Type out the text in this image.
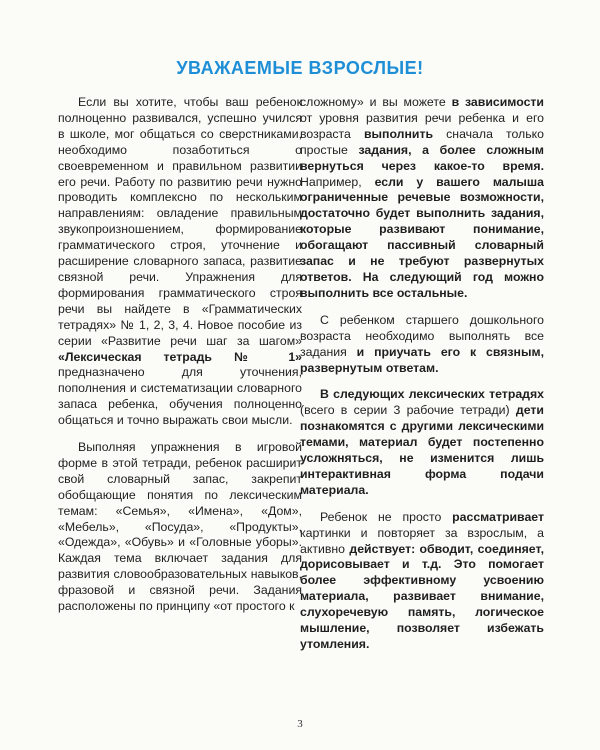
УВАЖАЕМЫЕ ВЗРОСЛЫЕ!

Если вы хотите, чтобы ваш ребенок полноценно развивался, успешно учился в школе, мог общаться со сверстниками, необходимо позаботиться о своевременном и правильном развитии его речи. Работу по развитию речи нужно проводить комплексно по нескольким направлениям: овладение правильным звукопроизношением, формирование грамматического строя, уточнение и расширение словарного запаса, развитие связной речи. Упражнения для формирования грамматического строя речи вы найдете в «Грамматических тетрадях» № 1, 2, 3, 4. Новое пособие из серии «Развитие речи шаг за шагом» «Лексическая тетрадь № 1» предназначено для уточнения, пополнения и систематизации словарного запаса ребенка, обучения полноценно общаться и точно выражать свои мысли.

Выполняя упражнения в игровой форме в этой тетради, ребенок расширит свой словарный запас, закрепит обобщающие понятия по лексическим темам: «Семья», «Имена», «Дом», «Мебель», «Посуда», «Продукты», «Одежда», «Обувь» и «Головные уборы». Каждая тема включает задания для развития словообразовательных навыков, фразовой и связной речи. Задания расположены по принципу «от простого к

сложному» и вы можете в зависимости от уровня развития речи ребенка и его возраста выполнить сначала только простые задания, а более сложным вернуться через какое-то время. Например, если у вашего малыша ограниченные речевые возможности, достаточно будет выполнить задания, которые развивают понимание, обогащают пассивный словарный запас и не требуют развернутых ответов. На следующий год можно выполнить все остальные.

С ребенком старшего дошкольного возраста необходимо выполнять все задания и приучать его к связным, развернутым ответам.

В следующих лексических тетрадях (всего в серии 3 рабочие тетради) дети познакомятся с другими лексическими темами, материал будет постепенно усложняться, не изменится лишь интерактивная форма подачи материала.

Ребенок не просто рассматривает картинки и повторяет за взрослым, а активно действует: обводит, соединяет, дорисовывает и т.д. Это помогает более эффективному усвоению материала, развивает внимание, слухоречевую память, логическое мышление, позволяет избежать утомления.

3
